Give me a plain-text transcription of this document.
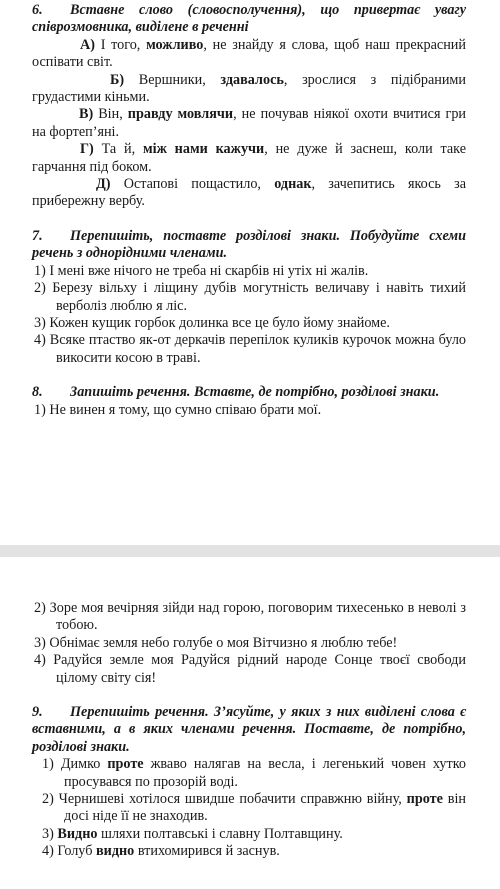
6. Вставне слово (словосполучення), що привертає увагу співрозмовника, виділене в реченні
А) І того, можливо, не знайду я слова, щоб наш прекрасний оспівати світ.
Б) Вершники, здавалось, зрослися з підібраними грудастими кіньми.
В) Він, правду мовлячи, не почував ніякої охоти вчитися гри на фортеп’яні.
Г) Та й, між нами кажучи, не дуже й заснеш, коли таке гарчання під боком.
Д) Остапові пощастило, однак, зачепитись якось за прибережну вербу.
7. Перепишіть, поставте розділові знаки. Побудуйте схеми речень з однорідними членами.
1) І мені вже нічого не треба ні скарбів ні утіх ні жалів.
2) Березу вільху і ліщину дубів могутність величаву і навіть тихий верболіз люблю я ліс.
3) Кожен кущик горбок долинка все це було йому знайоме.
4) Всяке птаство як-от деркачів перепілок куликів курочок можна було викосити косою в траві.
8. Запишіть речення. Вставте, де потрібно, розділові знаки.
1) Не винен я тому, що сумно співаю брати мої.
2) Зоре моя вечірняя зійди над горою, поговорим тихесенько в неволі з тобою.
3) Обнімає земля небо голубе о моя Вітчизно я люблю тебе!
4) Радуйся земле моя Радуйся рідний народе Сонце твоєї свободи цілому світу сія!
9. Перепишіть речення. З’ясуйте, у яких з них виділені слова є вставними, а в яких членами речення. Поставте, де потрібно, розділові знаки.
1) Димко проте жваво налягав на весла, і легенький човен хутко просувався по прозорій воді.
2) Чернишеві хотілося швидше побачити справжню війну, проте він досі ніде її не знаходив.
3) Видно шляхи полтавські і славну Полтавщину.
4) Голуб видно втихомирився й заснув.
